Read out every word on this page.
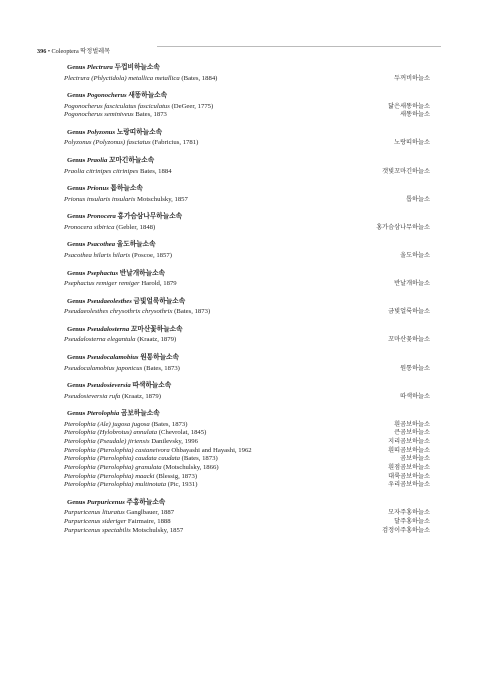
396 • Coleoptera 딱정벌레목
Genus Plectrura 두껍비하늘소속
Plectrura (Phlyctidola) metallica metallica (Bates, 1884)	두꺼비하늘소
Genus Pogonocherus 새똥하늘소속
Pogonocherus fasciculatus fasciculatus (DeGeer, 1775)	닮은새똥하늘소
Pogonocherus seminiveus Bates, 1873	새똥하늘소
Genus Polyzonus 노랑띠하늘소속
Polyzonus (Polyzonus) fasciatus (Fabricius, 1781)	노랑띠하늘소
Genus Praolia 꼬마긴하늘소속
Praolia citrinipes citrinipes Bates, 1884	갯빛꼬마긴하늘소
Genus Prionus 톱하늘소속
Prionus insularis insularis Motschulsky, 1857	톱하늘소
Genus Pronocera 홍가슴삼나무하늘소속
Pronocera sibirica (Gebler, 1848)	홍가슴삼나무하늘소
Genus Psacothea 울도하늘소속
Psacothea hilaris hilaris (Poscoe, 1857)	울도하늘소
Genus Psephactus 반날개하늘소속
Psephactus remiger remiger Harold, 1879	반날개하늘소
Genus Pseudaeolesthes 금빛얼룩하늘소속
Pseudaeolesthes chrysothrix chrysothrix (Bates, 1873)	금빛얼룩하늘소
Genus Pseudalosterna 꼬마산꽃하늘소속
Pseudalosterna elegantula (Kraatz, 1879)	꼬마산꽃하늘소
Genus Pseudocalamobius 원통하늘소속
Pseudocalamobius japonicus (Bates, 1873)	원통하늘소
Genus Pseudosieversia 따색하늘소속
Pseudosieversia rufa (Kraatz, 1879)	따색하늘소
Genus Pterolophia 곰보하늘소속
Pterolophia (Ale) jugosa jugosa (Bates, 1873)	흰곰보하늘소
Pterolophia (Hylobrotus) annulata (Chevrolat, 1845)	큰곰보하늘소
Pterolophia (Pseudale) jiriensis Danilevsky, 1996	지리곰보하늘소
Pterolophia (Pterolophia) castaneivora Ohbayashi and Hayashi, 1962	흰띠곰보하늘소
Pterolophia (Pterolophia) caudata caudata (Bates, 1873)	곰보하늘소
Pterolophia (Pterolophia) granulata (Motschulsky, 1866)	흰점곰보하늘소
Pterolophia (Pterolophia) maacki (Blessig, 1873)	대륙곰보하늘소
Pterolophia (Pterolophia) multinotata (Pic, 1931)	우리곰보하늘소
Genus Purpuricenus 주홍하늘소속
Purpuricenus lituratus Ganglbauer, 1887	모자주홍하늘소
Purpuricenus sideriger Fairmaire, 1888	달주홍하늘소
Purpuricenus spectabilis Motschulsky, 1857	검정이주홍하늘소
